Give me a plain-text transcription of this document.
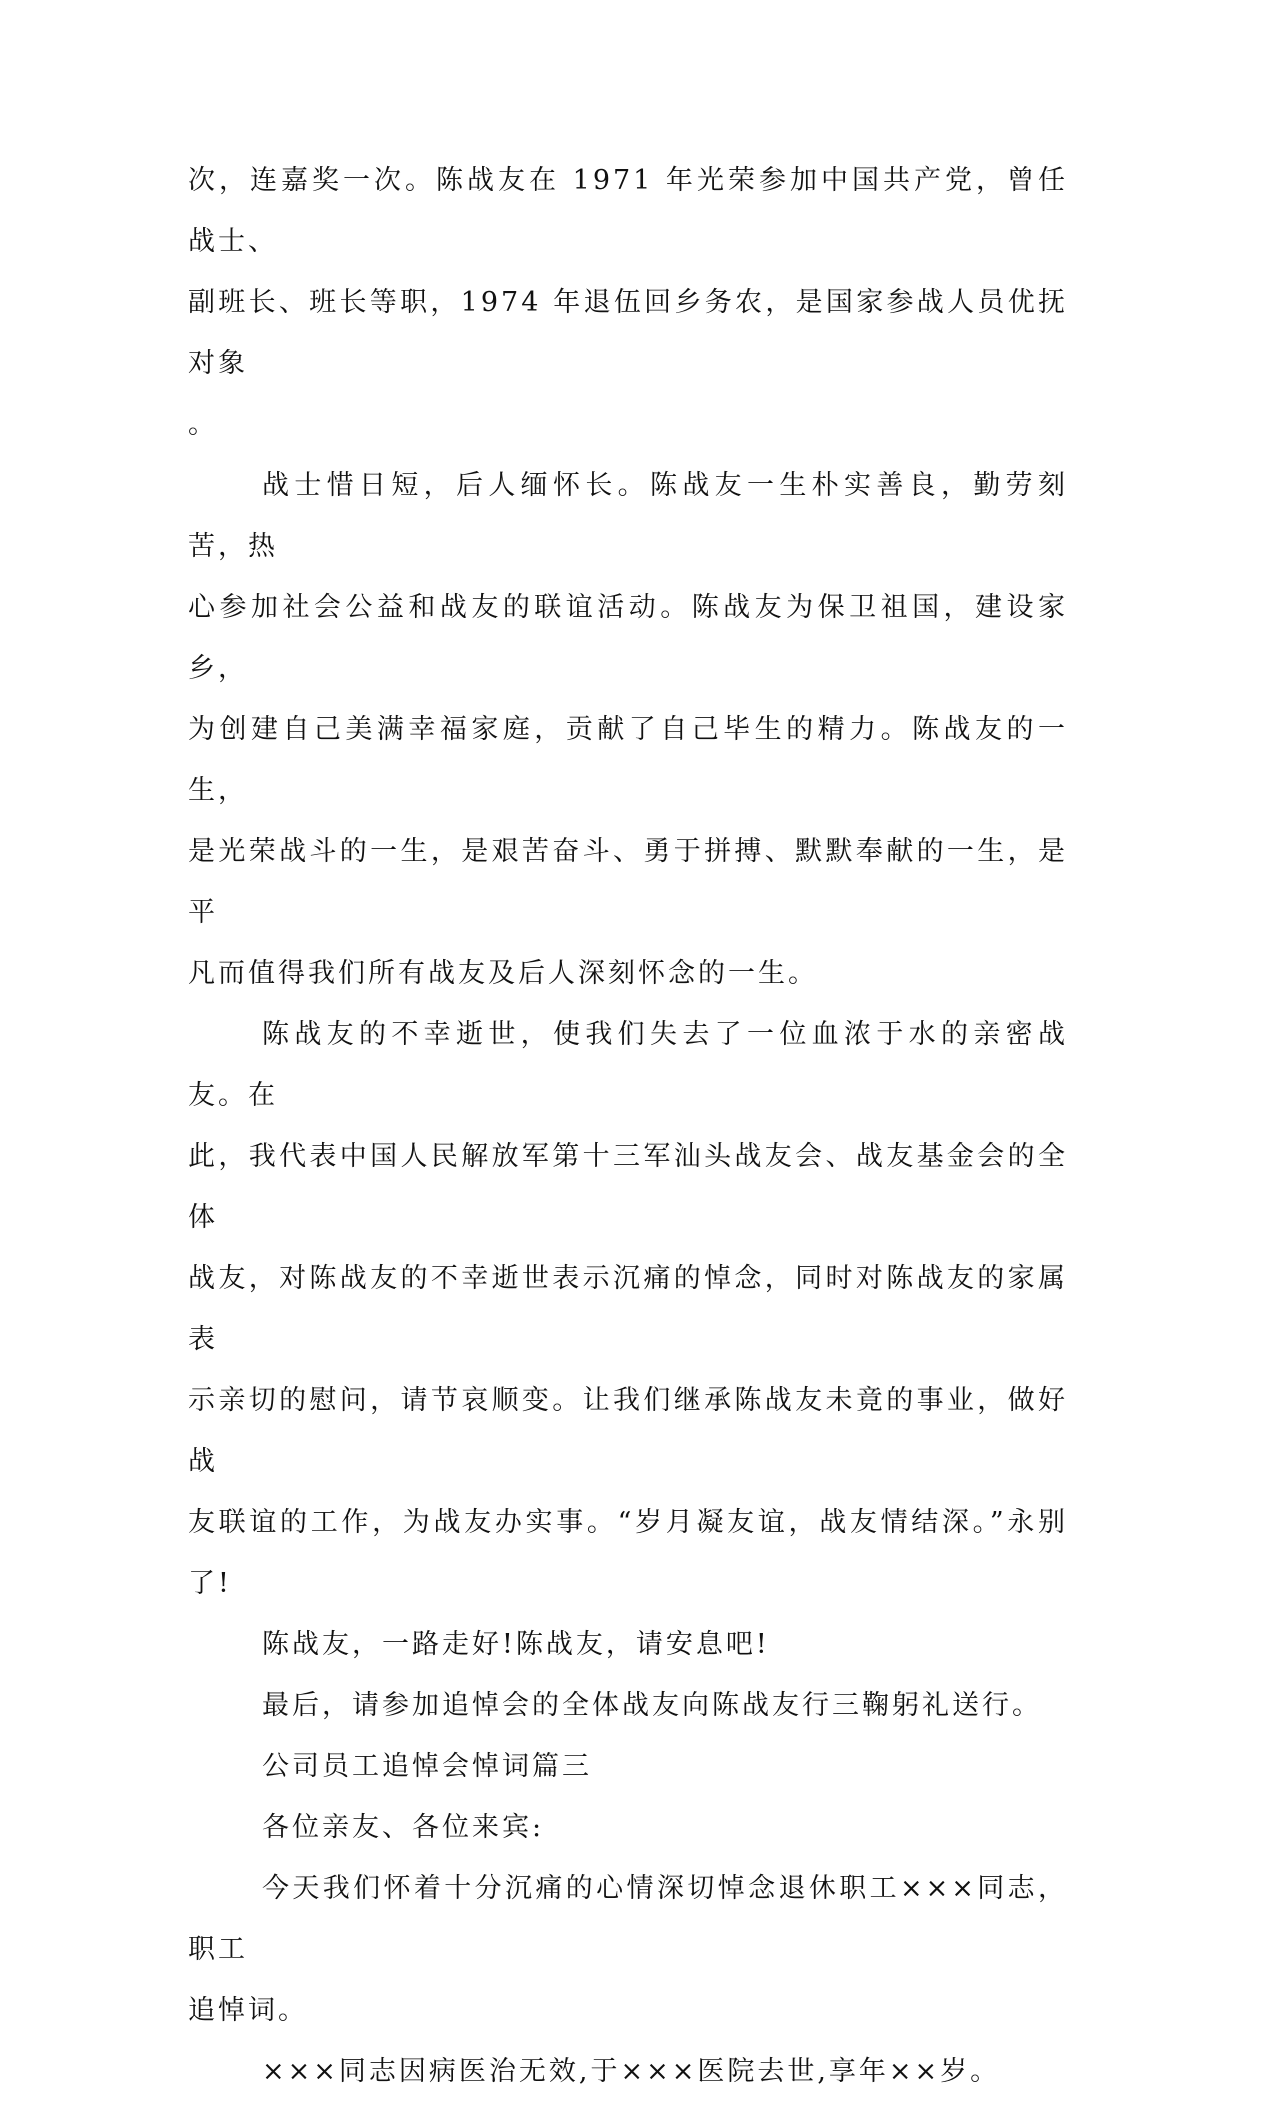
次，连嘉奖一次。陈战友在 1971 年光荣参加中国共产党，曾任战士、
副班长、班长等职，1974 年退伍回乡务农，是国家参战人员优抚对象
。

战士惜日短，后人缅怀长。陈战友一生朴实善良，勤劳刻苦，热
心参加社会公益和战友的联谊活动。陈战友为保卫祖国，建设家乡，
为创建自己美满幸福家庭，贡献了自己毕生的精力。陈战友的一生，
是光荣战斗的一生，是艰苦奋斗、勇于拼搏、默默奉献的一生，是平
凡而值得我们所有战友及后人深刻怀念的一生。

陈战友的不幸逝世，使我们失去了一位血浓于水的亲密战友。在
此，我代表中国人民解放军第十三军汕头战友会、战友基金会的全体
战友，对陈战友的不幸逝世表示沉痛的悼念，同时对陈战友的家属表
示亲切的慰问，请节哀顺变。让我们继承陈战友未竟的事业，做好战
友联谊的工作，为战友办实事。“岁月凝友谊，战友情结深。”永别了!

陈战友，一路走好!陈战友，请安息吧!

最后，请参加追悼会的全体战友向陈战友行三鞠躬礼送行。

公司员工追悼会悼词篇三

各位亲友、各位来宾:

今天我们怀着十分沉痛的心情深切悼念退休职工×××同志，职工
追悼词。

×××同志因病医治无效,于×××医院去世,享年××岁。
